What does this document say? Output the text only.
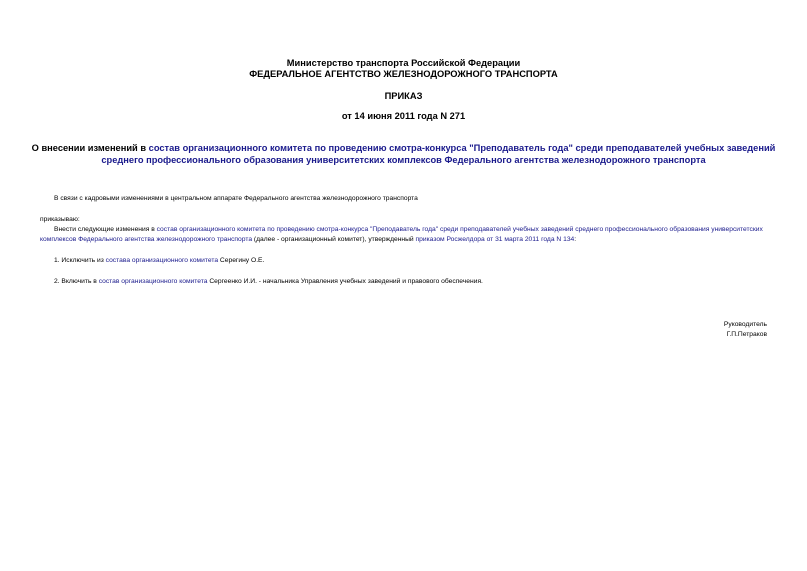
Министерство транспорта Российской Федерации
ФЕДЕРАЛЬНОЕ АГЕНТСТВО ЖЕЛЕЗНОДОРОЖНОГО ТРАНСПОРТА
ПРИКАЗ
от 14 июня 2011 года N 271
О внесении изменений в состав организационного комитета по проведению смотра-конкурса "Преподаватель года" среди преподавателей учебных заведений среднего профессионального образования университетских комплексов Федерального агентства железнодорожного транспорта
В связи с кадровыми изменениями в центральном аппарате Федерального агентства железнодорожного транспорта
приказываю:
Внести следующие изменения в состав организационного комитета по проведению смотра-конкурса "Преподаватель года" среди преподавателей учебных заведений среднего профессионального образования университетских комплексов Федерального агентства железнодорожного транспорта (далее - организационный комитет), утвержденный приказом Росжелдора от 31 марта 2011 года N 134:
1. Исключить из состава организационного комитета Серегину О.Е.
2. Включить в состав организационного комитета Сергеенко И.И. - начальника Управления учебных заведений и правового обеспечения.
Руководитель
Г.П.Петраков
